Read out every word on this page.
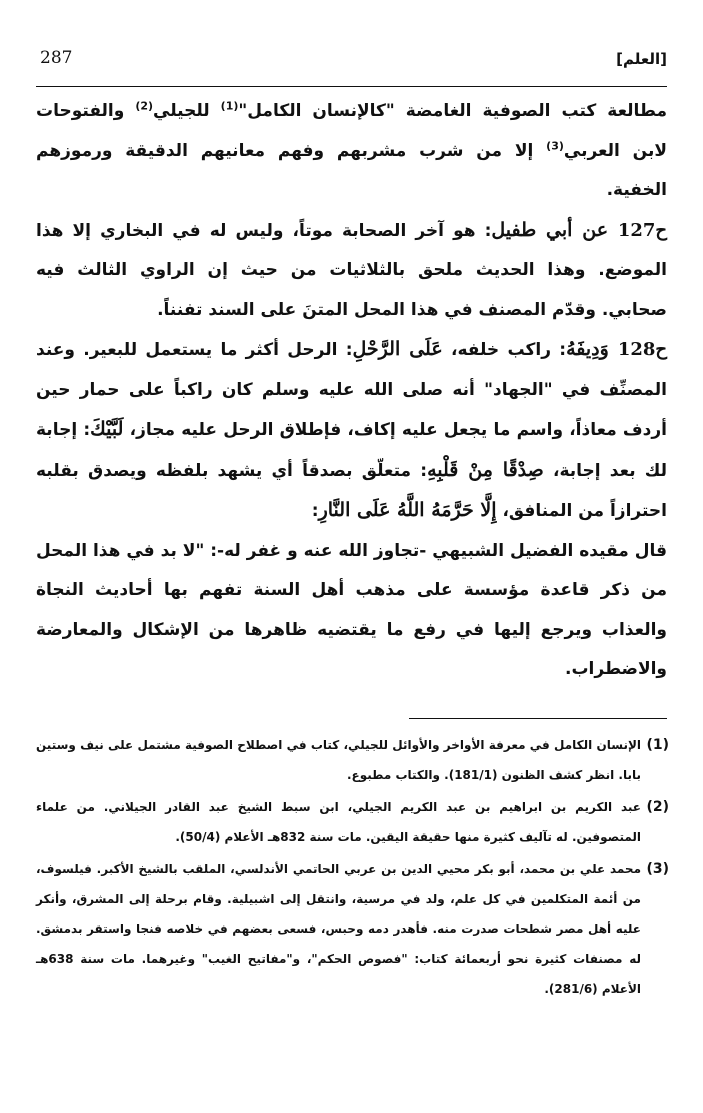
287	[العلم]

مطالعة كتب الصوفية الغامضة "كالإنسان الكامل"$^{(1)}$ للجيلي$^{(2)}$ والفتوحات لابن العربي$^{(3)}$ إلا من شرب مشربهم وفهم معانيهم الدقيقة ورموزهم الخفية.

ح127 عن أبي طفيل: هو آخر الصحابة موتاً، وليس له في البخاري إلا هذا الموضع. وهذا الحديث ملحق بالثلاثيات من حيث إن الراوي الثالث فيه صحابي. وقدّم المصنف في هذا المحل المتنَ على السند تفنناً.

ح128 وَدِيفَهُ: راكب خلفه، عَلَى الرَّحْلِ: الرحل أكثر ما يستعمل للبعير. وعند المصنِّف في "الجهاد" أنه صلى الله عليه وسلم كان راكباً على حمار حين أردف معاذاً، واسم ما يجعل عليه إكاف، فإطلاق الرحل عليه مجاز، لَبَّيْكَ: إجابة لك بعد إجابة، صِدْقًا مِنْ قَلْبِهِ: متعلّق بصدقاً أي يشهد بلفظه ويصدق بقلبه احترازاً من المنافق، إِلَّا حَرَّمَهُ اللَّهُ عَلَى النَّارِ:

قال مقيده الفضيل الشبيهي -تجاوز الله عنه و غفر له-: "لا بد في هذا المحل من ذكر قاعدة مؤسسة على مذهب أهل السنة تفهم بها أحاديث النجاة والعذاب ويرجع إليها في رفع ما يقتضيه ظاهرها من الإشكال والمعارضة والاضطراب.

(1)
الإنسان الكامل في معرفة الأواخر والأوائل للجيلي، كتاب في اصطلاح الصوفية مشتمل على نيف وستين بابا. انظر كشف الظنون (181/1). والكتاب مطبوع.
(2)
عبد الكريم بن ابراهيم بن عبد الكريم الجيلي، ابن سبط الشيخ عبد القادر الجيلاني. من علماء المتصوفين. له تآليف كثيرة منها حقيقة اليقين. مات سنة 832هـ الأعلام (50/4).
(3)
محمد علي بن محمد، أبو بكر محيي الدين بن عربي الحاتمي الأندلسي، الملقب بالشيخ الأكبر. فيلسوف، من أئمة المتكلمين في كل علم، ولد في مرسية، وانتقل إلى اشبيلية. وقام برحلة إلى المشرق، وأنكر عليه أهل مصر شطحات صدرت منه. فأهدر دمه وحبس، فسعى بعضهم في خلاصه فنجا واستقر بدمشق. له مصنفات كثيرة نحو أربعمائة كتاب: "فصوص الحكم"، و"مفاتيح الغيب" وغيرهما. مات سنة 638هـ الأعلام (281/6).
